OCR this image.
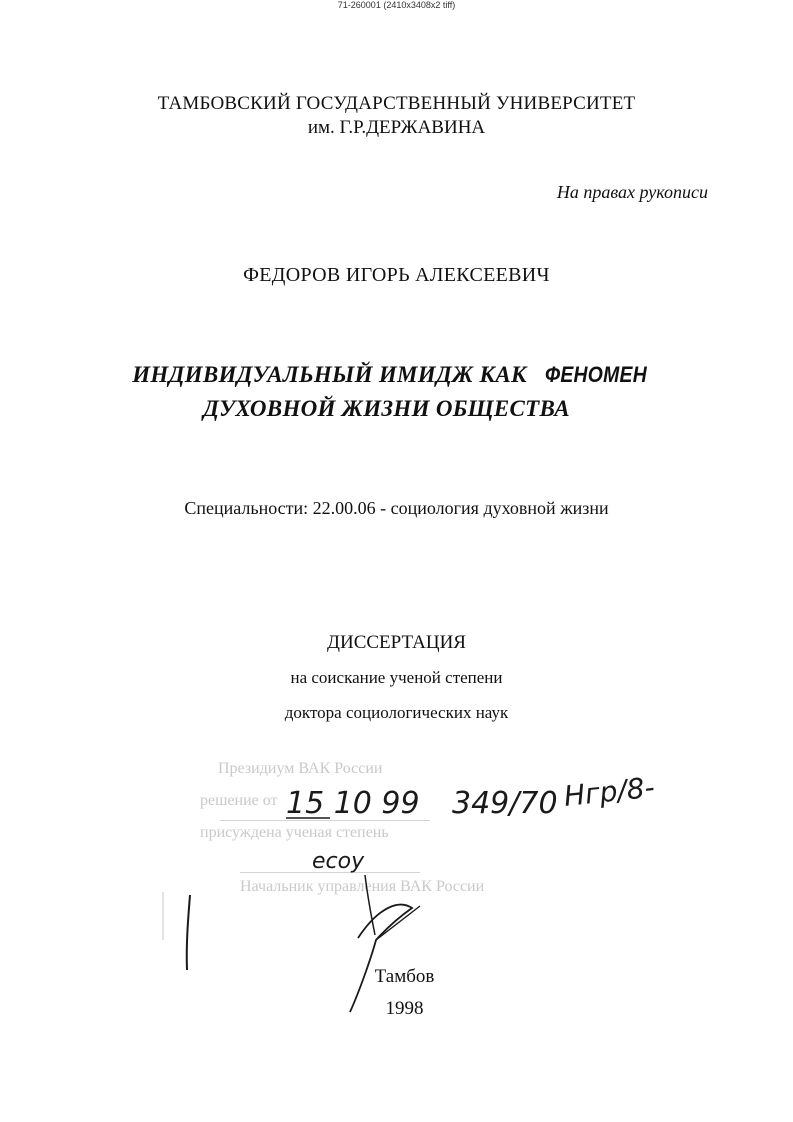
71-260001 (2410x3408x2 tiff)
ТАМБОВСКИЙ ГОСУДАРСТВЕННЫЙ УНИВЕРСИТЕТ
им. Г.Р.ДЕРЖАВИНА
На правах рукописи
ФЕДОРОВ ИГОРЬ АЛЕКСЕЕВИЧ
ИНДИВИДУАЛЬНЫЙ ИМИДЖ КАК ФЕНОМЕН
ДУХОВНОЙ ЖИЗНИ ОБЩЕСТВА
Специальности: 22.00.06 - социология духовной жизни
ДИССЕРТАЦИЯ
на соискание ученой степени
доктора социологических наук
Президиум ВАК России
решение от
присуждена ученая степень
Начальник управления ВАК России
15 10 99 349/70 Нгр/8-
ecoy
Тамбов
1998
